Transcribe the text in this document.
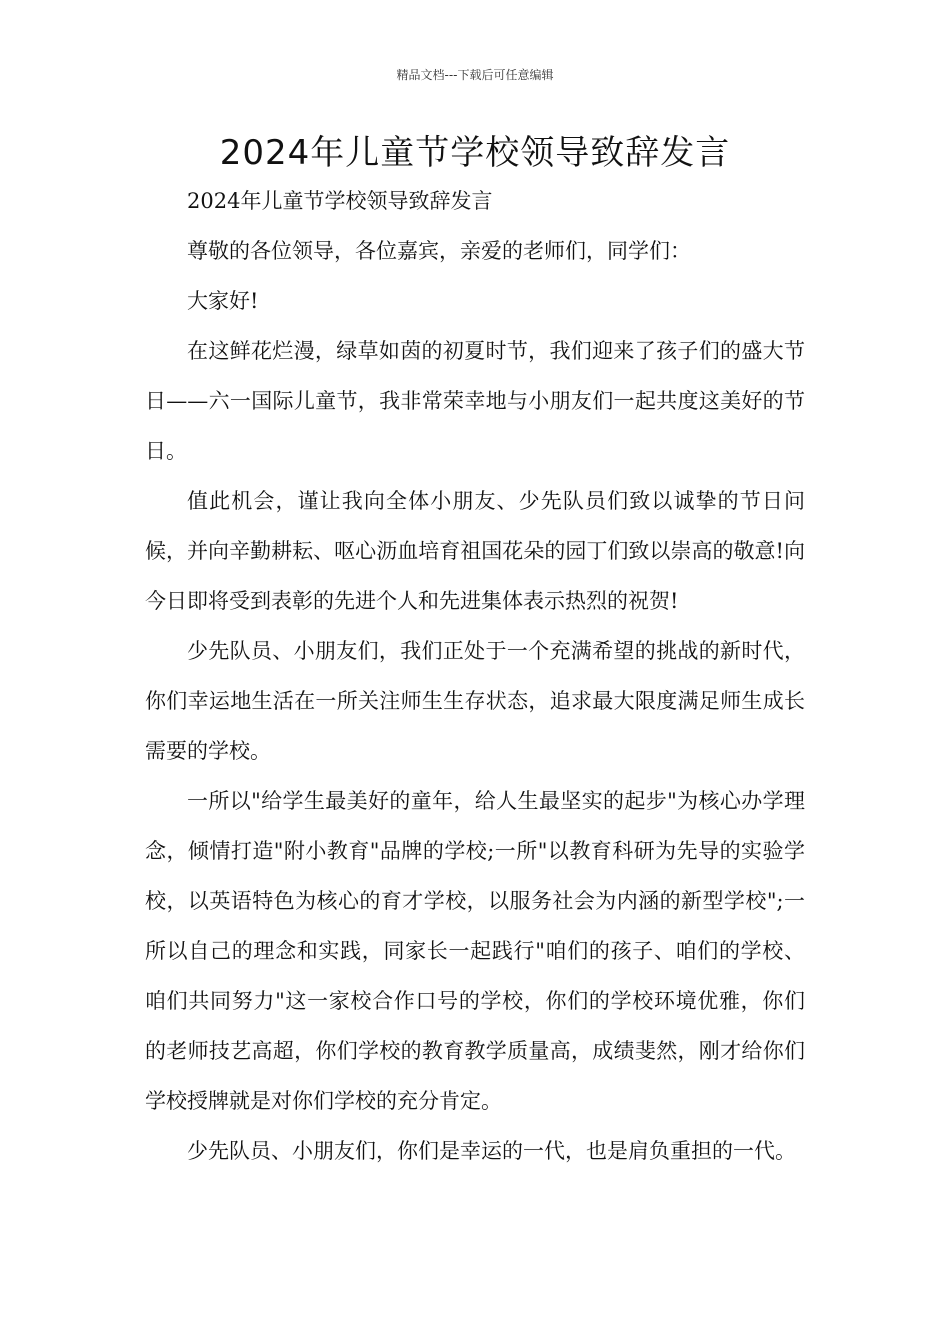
精品文档---下载后可任意编辑
2024年儿童节学校领导致辞发言

2024年儿童节学校领导致辞发言

尊敬的各位领导，各位嘉宾，亲爱的老师们，同学们：

大家好!

在这鲜花烂漫，绿草如茵的初夏时节，我们迎来了孩子们的盛大节日——六一国际儿童节，我非常荣幸地与小朋友们一起共度这美好的节日。

值此机会，谨让我向全体小朋友、少先队员们致以诚挚的节日问候，并向辛勤耕耘、呕心沥血培育祖国花朵的园丁们致以崇高的敬意!向今日即将受到表彰的先进个人和先进集体表示热烈的祝贺!

少先队员、小朋友们，我们正处于一个充满希望的挑战的新时代，你们幸运地生活在一所关注师生生存状态，追求最大限度满足师生成长需要的学校。

一所以"给学生最美好的童年，给人生最坚实的起步"为核心办学理念，倾情打造"附小教育"品牌的学校;一所"以教育科研为先导的实验学校，以英语特色为核心的育才学校，以服务社会为内涵的新型学校";一所以自己的理念和实践，同家长一起践行"咱们的孩子、咱们的学校、咱们共同努力"这一家校合作口号的学校，你们的学校环境优雅，你们的老师技艺高超，你们学校的教育教学质量高，成绩斐然，刚才给你们学校授牌就是对你们学校的充分肯定。

少先队员、小朋友们，你们是幸运的一代，也是肩负重担的一代。
